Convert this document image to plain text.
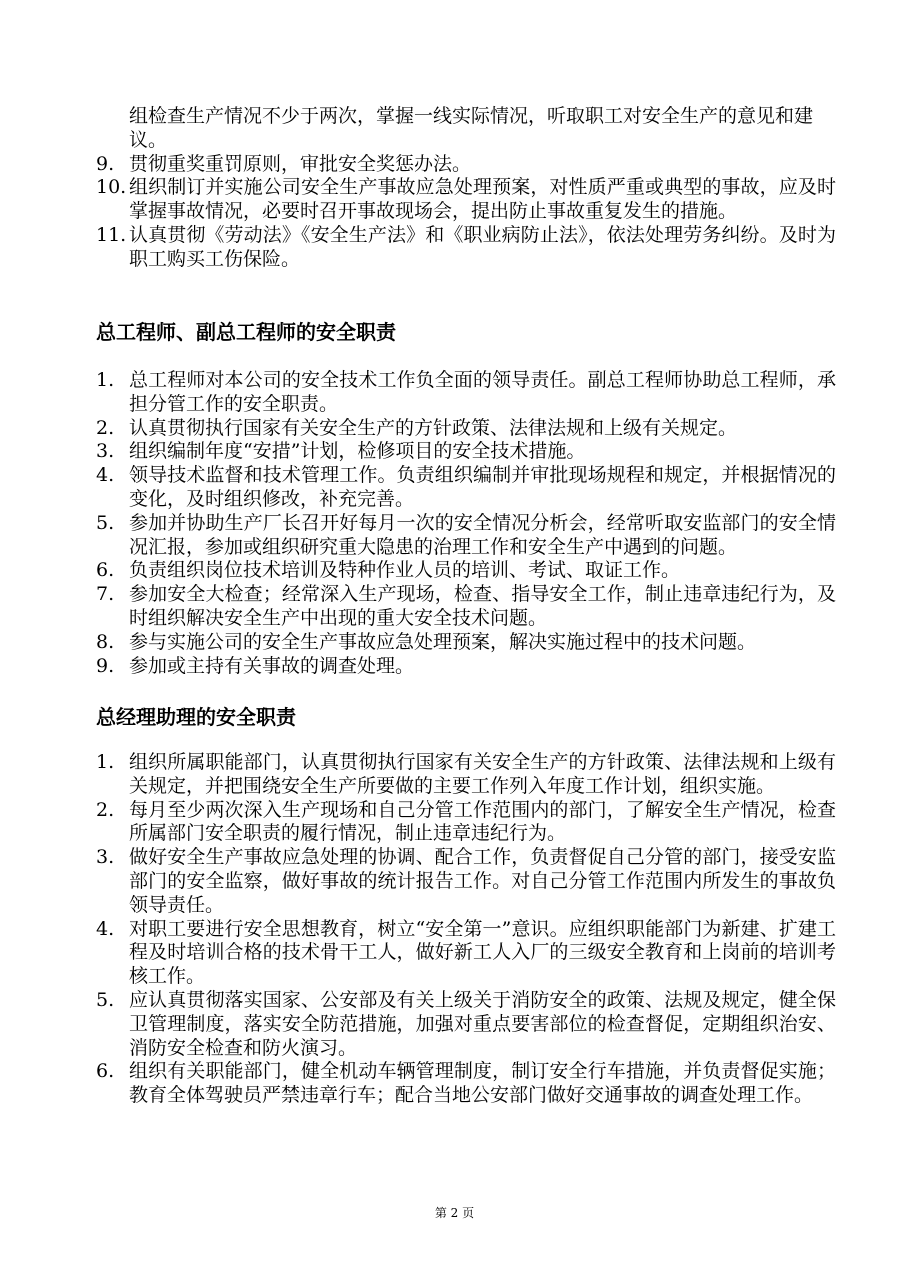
组检查生产情况不少于两次，掌握一线实际情况，听取职工对安全生产的意见和建议。
9. 贯彻重奖重罚原则，审批安全奖惩办法。
10. 组织制订并实施公司安全生产事故应急处理预案，对性质严重或典型的事故，应及时掌握事故情况，必要时召开事故现场会，提出防止事故重复发生的措施。
11. 认真贯彻《劳动法》《安全生产法》和《职业病防止法》，依法处理劳务纠纷。及时为职工购买工伤保险。
总工程师、副总工程师的安全职责
1. 总工程师对本公司的安全技术工作负全面的领导责任。副总工程师协助总工程师，承担分管工作的安全职责。
2. 认真贯彻执行国家有关安全生产的方针政策、法律法规和上级有关规定。
3. 组织编制年度“安措”计划，检修项目的安全技术措施。
4. 领导技术监督和技术管理工作。负责组织编制并审批现场规程和规定，并根据情况的变化，及时组织修改，补充完善。
5. 参加并协助生产厂长召开好每月一次的安全情况分析会，经常听取安监部门的安全情况汇报，参加或组织研究重大隐患的治理工作和安全生产中遇到的问题。
6. 负责组织岗位技术培训及特种作业人员的培训、考试、取证工作。
7. 参加安全大检查；经常深入生产现场，检查、指导安全工作，制止违章违纪行为，及时组织解决安全生产中出现的重大安全技术问题。
8. 参与实施公司的安全生产事故应急处理预案，解决实施过程中的技术问题。
9. 参加或主持有关事故的调查处理。
总经理助理的安全职责
1. 组织所属职能部门，认真贯彻执行国家有关安全生产的方针政策、法律法规和上级有关规定，并把围绕安全生产所要做的主要工作列入年度工作计划，组织实施。
2. 每月至少两次深入生产现场和自己分管工作范围内的部门，了解安全生产情况，检查所属部门安全职责的履行情况，制止违章违纪行为。
3. 做好安全生产事故应急处理的协调、配合工作，负责督促自己分管的部门，接受安监部门的安全监察，做好事故的统计报告工作。对自己分管工作范围内所发生的事故负领导责任。
4. 对职工要进行安全思想教育，树立“安全第一”意识。应组织职能部门为新建、扩建工程及时培训合格的技术骨干工人，做好新工人入厂的三级安全教育和上岗前的培训考核工作。
5. 应认真贯彻落实国家、公安部及有关上级关于消防安全的政策、法规及规定，健全保卫管理制度，落实安全防范措施，加强对重点要害部位的检查督促，定期组织治安、消防安全检查和防火演习。
6. 组织有关职能部门，健全机动车辆管理制度，制订安全行车措施，并负责督促实施；教育全体驾驶员严禁违章行车；配合当地公安部门做好交通事故的调查处理工作。
第 2 页
